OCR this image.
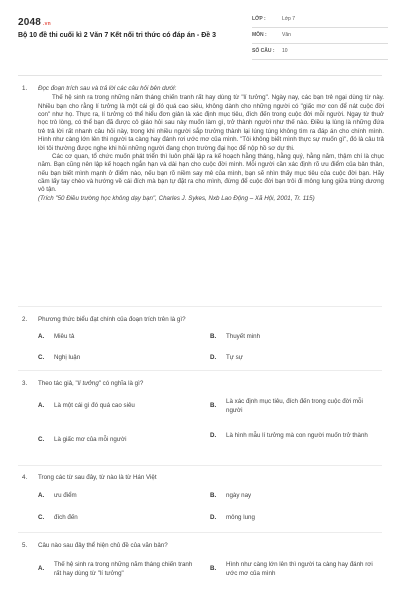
2048 .vn
Bộ 10 đề thi cuối kì 2 Văn 7 Kết nối tri thức có đáp án - Đề 3
LỚP :	Lớp 7
MÔN :	Văn
SỐ CÂU :	10
1. Đọc đoạn trích sau và trả lời các câu hỏi bên dưới:

Thế hệ sinh ra trong những năm tháng chiến tranh rất hay dùng từ "lí tưởng". Ngày nay, các bạn trẻ ngại dùng từ này. Nhiều bạn cho rằng lí tưởng là một cái gì đó quá cao siêu, không dành cho những người có "giấc mơ con để nát cuộc đời con" như họ. Thực ra, lí tưởng có thể hiểu đơn giản là xác định mục tiêu, đích đến trong cuộc đời mỗi người. Ngay từ thuở học trò lòng, có thể bạn đã được cô giáo hỏi sau này muốn làm gì, trở thành người như thế nào. Điều lạ lùng là những đứa trẻ trả lời rất nhanh câu hỏi này, trong khi nhiều người sắp trưởng thành lại lúng túng không tìm ra đáp án cho chính mình. Hình như càng lớn lên thì người ta càng hay đánh rơi ước mơ của mình. "Tôi không biết mình thực sự muốn gì", đó là câu trả lời tôi thường được nghe khi hỏi những người đang chọn trường đại học để nộp hồ sơ dự thi.

Các cơ quan, tổ chức muốn phát triển thì luôn phải lập ra kế hoạch hằng tháng, hằng quý, hằng năm, thậm chí là chục năm. Bạn cũng nên lập kế hoạch ngắn hạn và dài hạn cho cuộc đời mình. Mỗi người cần xác định rõ ưu điểm của bản thân, nếu bạn biết mình mạnh ở điểm nào, nếu bạn rõ niềm say mê của mình, bạn sẽ nhìn thấy mục tiêu của cuộc đời bạn. Hãy cầm lấy tay chèo và hướng về cái đích mà bạn tự đặt ra cho mình, đừng để cuộc đời bạn trôi đi mông lung giữa trùng dương vô tận.

(Trích "50 Điều trường học không dạy bạn", Charles J. Sykes, Nxb Lao Động – Xã Hội, 2001, Tr. 115)

2. Phương thức biểu đạt chính của đoạn trích trên là gì?
A.	Miêu tả	B.	Thuyết minh
C.	Nghị luận	D.	Tự sự
3. Theo tác giả, "lí tưởng" có nghĩa là gì?
A.	Là một cái gì đó quá cao siêu	B.
Là xác định mục tiêu, đích đến trong cuộc đời mỗi người
C.	Là giấc mơ của mỗi người
D.	Là hình mẫu lí tưởng mà con người muốn trở thành
4. Trong các từ sau đây, từ nào là từ Hán Việt
A.	ưu điểm	B.	ngày nay
C.	đích đến	D.	mông lung
5. Câu nào sau đây thể hiện chủ đề của văn bản?
A.
Thế hệ sinh ra trong những năm tháng chiến tranh rất hay dùng từ "lí tưởng"
B.
Hình như càng lớn lên thì người ta càng hay đánh rơi ước mơ của mình
